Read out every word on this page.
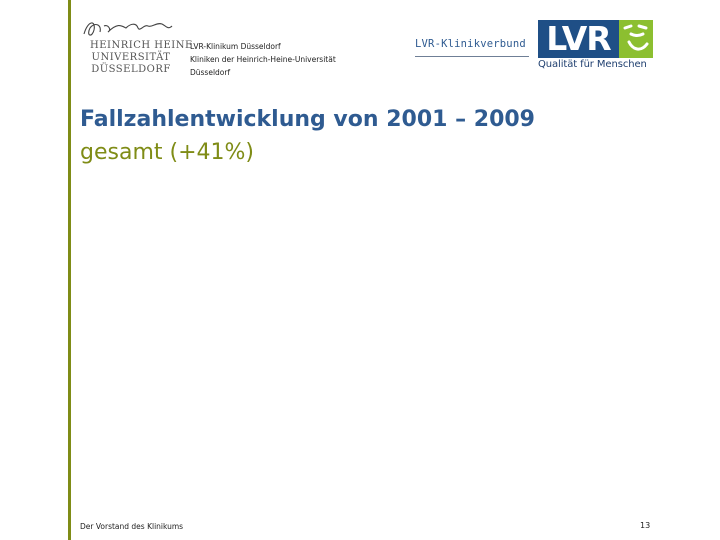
HEINRICH HEINE
UNIVERSITÄT
DÜSSELDORF
LVR-Klinikum Düsseldorf
Kliniken der Heinrich-Heine-Universität
Düsseldorf
LVR-Klinikverbund LVR
Qualität für Menschen
Fallzahlentwicklung von 2001 – 2009
gesamt (+41%)
Der Vorstand des Klinikums	13
